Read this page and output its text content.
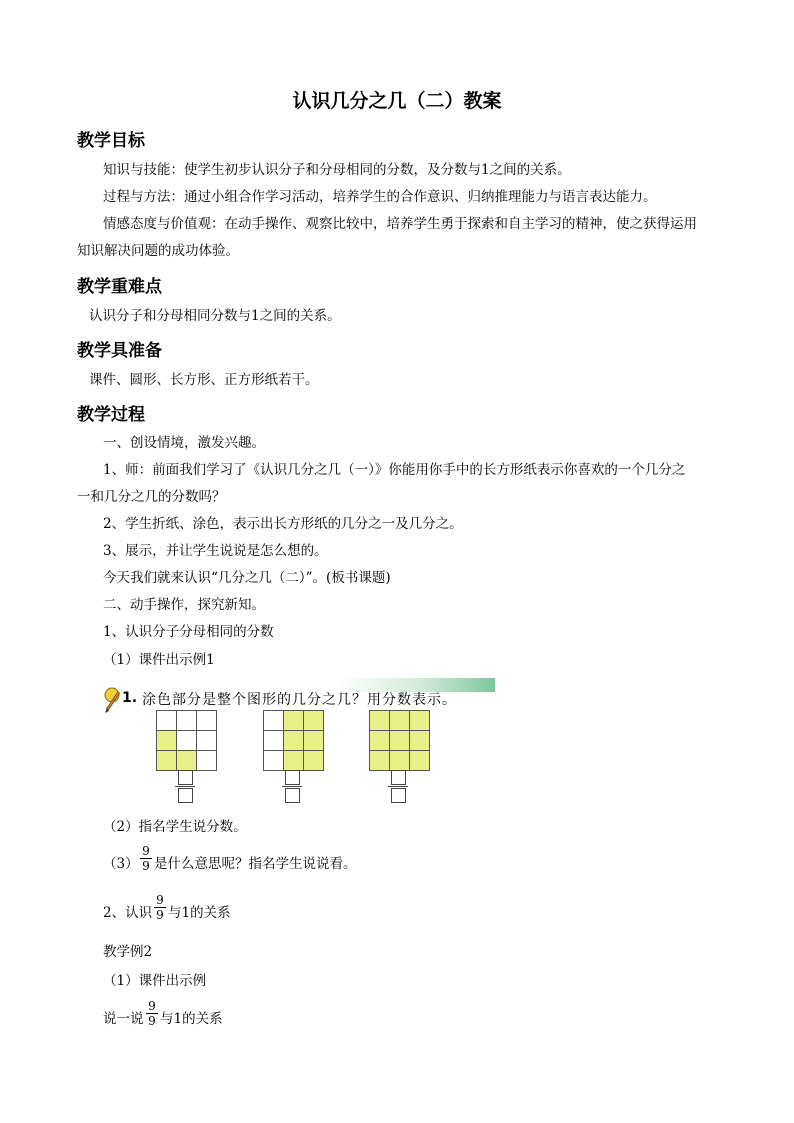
认识几分之几（二）教案
教学目标
知识与技能：使学生初步认识分子和分母相同的分数，及分数与1之间的关系。
过程与方法：通过小组合作学习活动，培养学生的合作意识、归纳推理能力与语言表达能力。
情感态度与价值观：在动手操作、观察比较中，培养学生勇于探索和自主学习的精神，使之获得运用
知识解决问题的成功体验。
教学重难点
认识分子和分母相同分数与1之间的关系。
教学具准备
课件、圆形、长方形、正方形纸若干。
教学过程
一、创设情境，激发兴趣。
1、师：前面我们学习了《认识几分之几（一）》你能用你手中的长方形纸表示你喜欢的一个几分之
一和几分之几的分数吗？
2、学生折纸、涂色，表示出长方形纸的几分之一及几分之。
3、展示，并让学生说说是怎么想的。
今天我们就来认识“几分之几（二）”。(板书课题)
二、动手操作，探究新知。
1、认识分子分母相同的分数
（1）课件出示例1
1. 涂色部分是整个图形的几分之几？用分数表示。
（2）指名学生说分数。
（3）
9
9 是什么意思呢？指名学生说说看。
2、认识
9
9 与1的关系
教学例2
（1）课件出示例
说一说
9
9 与1的关系
